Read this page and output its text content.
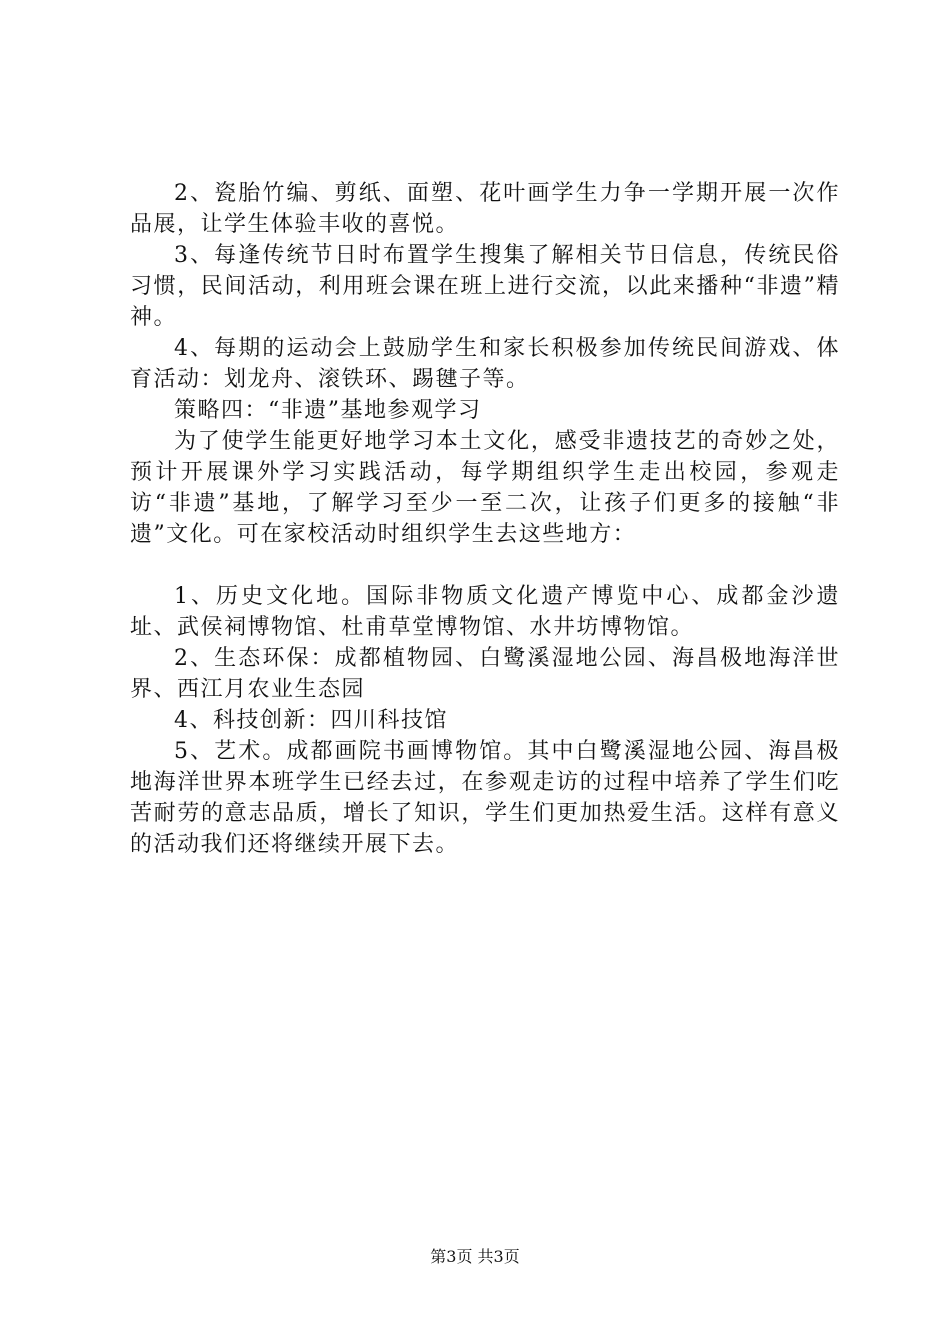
2、瓷胎竹编、剪纸、面塑、花叶画学生力争一学期开展一次作品展，让学生体验丰收的喜悦。

3、每逢传统节日时布置学生搜集了解相关节日信息，传统民俗习惯，民间活动，利用班会课在班上进行交流，以此来播种“非遗”精神。

4、每期的运动会上鼓励学生和家长积极参加传统民间游戏、体育活动：划龙舟、滚铁环、踢毽子等。

策略四：“非遗”基地参观学习

为了使学生能更好地学习本土文化，感受非遗技艺的奇妙之处，预计开展课外学习实践活动，每学期组织学生走出校园，参观走访“非遗”基地，了解学习至少一至二次，让孩子们更多的接触“非遗”文化。可在家校活动时组织学生去这些地方：

1、历史文化地。国际非物质文化遗产博览中心、成都金沙遗址、武侯祠博物馆、杜甫草堂博物馆、水井坊博物馆。

2、生态环保：成都植物园、白鹭溪湿地公园、海昌极地海洋世界、西江月农业生态园

4、科技创新：四川科技馆

5、艺术。成都画院书画博物馆。其中白鹭溪湿地公园、海昌极地海洋世界本班学生已经去过，在参观走访的过程中培养了学生们吃苦耐劳的意志品质，增长了知识，学生们更加热爱生活。这样有意义的活动我们还将继续开展下去。

第3页 共3页
